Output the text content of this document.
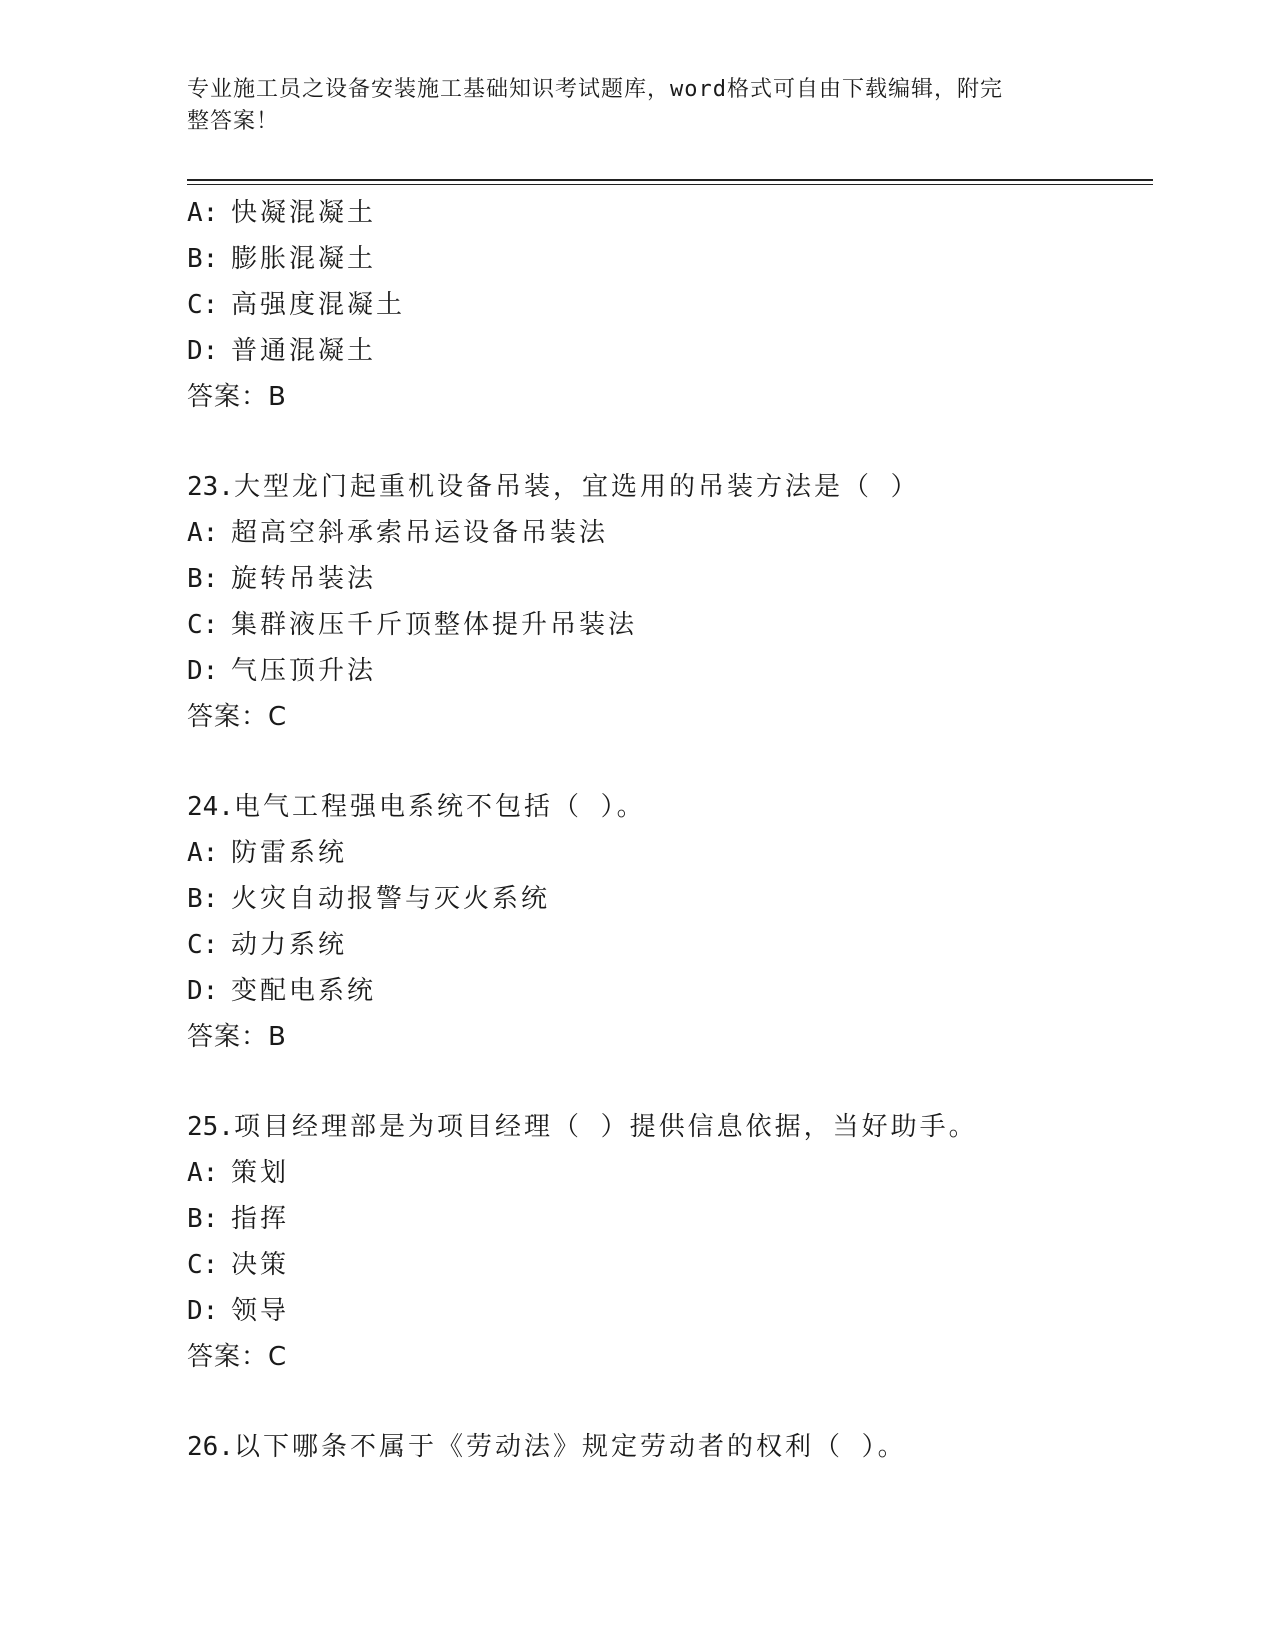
专业施工员之设备安装施工基础知识考试题库，word格式可自由下载编辑，附完
整答案！
A: 快凝混凝土
B: 膨胀混凝土
C: 高强度混凝土
D: 普通混凝土
答案：B
23.大型龙门起重机设备吊装，宜选用的吊装方法是（ ）
A: 超高空斜承索吊运设备吊装法
B: 旋转吊装法
C: 集群液压千斤顶整体提升吊装法
D: 气压顶升法
答案：C
24.电气工程强电系统不包括（ ）。
A: 防雷系统
B: 火灾自动报警与灭火系统
C: 动力系统
D: 变配电系统
答案：B
25.项目经理部是为项目经理（ ）提供信息依据，当好助手。
A: 策划
B: 指挥
C: 决策
D: 领导
答案：C
26.以下哪条不属于《劳动法》规定劳动者的权利（ ）。
